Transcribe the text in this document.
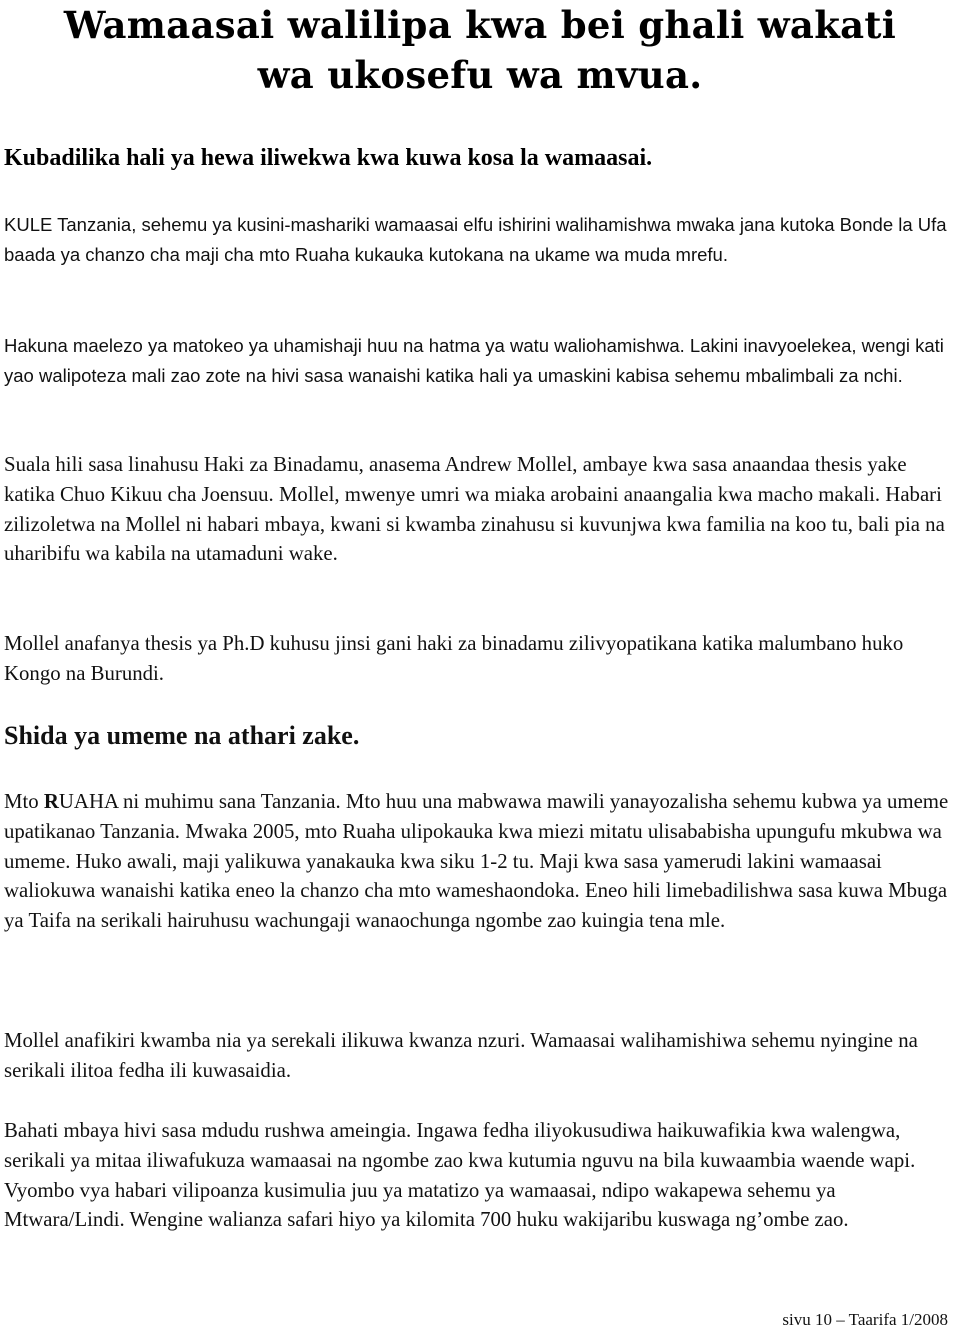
Wamaasai walilipa kwa bei ghali wakati
wa ukosefu wa mvua.
Kubadilika hali ya hewa iliwekwa kwa kuwa kosa la wamaasai.

KULE Tanzania, sehemu ya kusini-mashariki wamaasai elfu ishirini walihamishwa mwaka jana kutoka Bonde la Ufa baada ya chanzo cha maji cha mto Ruaha kukauka kutokana na ukame wa muda mrefu.

Hakuna maelezo ya matokeo ya uhamishaji huu na hatma ya watu waliohamishwa. Lakini inavyoelekea, wengi kati yao walipoteza mali zao zote na hivi sasa wanaishi katika hali ya umaskini kabisa sehemu mbalimbali za nchi.

Suala hili sasa linahusu Haki za Binadamu, anasema Andrew Mollel, ambaye kwa sasa anaandaa thesis yake katika Chuo Kikuu cha Joensuu. Mollel, mwenye umri wa miaka arobaini anaangalia kwa macho makali. Habari zilizoletwa na Mollel ni habari mbaya, kwani si kwamba zinahusu si kuvunjwa kwa familia na koo tu, bali pia na uharibifu wa kabila na utamaduni wake.

Mollel anafanya thesis ya Ph.D kuhusu jinsi gani haki za binadamu zilivyopatikana katika malumbano huko Kongo na Burundi.

Shida ya umeme na athari zake.

Mto RUAHA ni muhimu sana Tanzania. Mto huu una mabwawa mawili yanayozalisha sehemu kubwa ya umeme upatikanao Tanzania. Mwaka 2005, mto Ruaha ulipokauka kwa miezi mitatu ulisababisha upungufu mkubwa wa umeme. Huko awali, maji yalikuwa yanakauka kwa siku 1-2 tu. Maji kwa sasa yamerudi lakini wamaasai waliokuwa wanaishi katika eneo la chanzo cha mto wameshaondoka. Eneo hili limebadilishwa sasa kuwa Mbuga ya Taifa na serikali hairuhusu wachungaji wanaochunga ngombe zao kuingia tena mle.

Mollel anafikiri kwamba nia ya serekali ilikuwa kwanza nzuri. Wamaasai walihamishiwa sehemu nyingine na serikali ilitoa fedha ili kuwasaidia.

Bahati mbaya hivi sasa mdudu rushwa ameingia. Ingawa fedha iliyokusudiwa haikuwafikia kwa walengwa, serikali ya mitaa iliwafukuza wamaasai na ngombe zao kwa kutumia nguvu na bila kuwaambia waende wapi. Vyombo vya habari vilipoanza kusimulia juu ya matatizo ya wamaasai, ndipo wakapewa sehemu ya Mtwara/Lindi. Wengine walianza safari hiyo ya kilomita 700 huku wakijaribu kuswaga ng’ombe zao.

sivu 10 – Taarifa 1/2008
